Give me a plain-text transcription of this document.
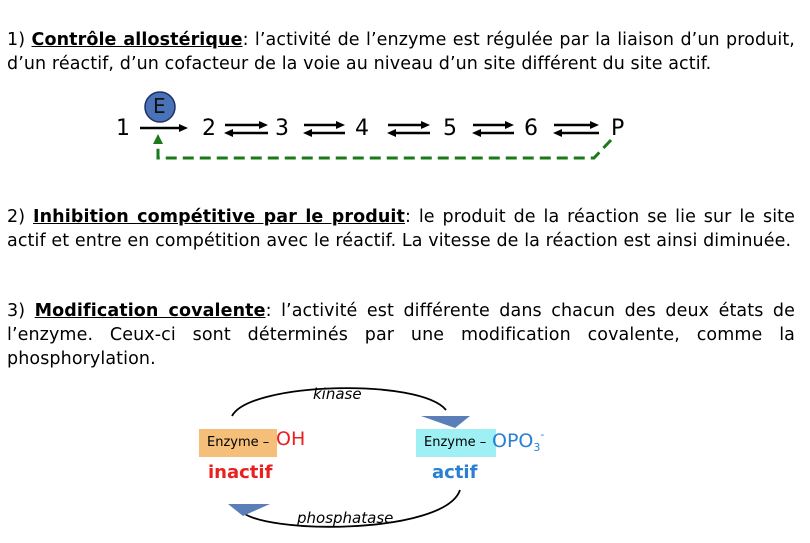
1) Contrôle allostérique: l’activité de l’enzyme est régulée par la liaison d’un produit, d’un réactif, d’un cofacteur de la voie au niveau d’un site différent du site actif.
E
1	2	3	4	5	6	P
2) Inhibition compétitive par le produit: le produit de la réaction se lie sur le site actif et entre en compétition avec le réactif. La vitesse de la réaction est ainsi diminuée.
3) Modification covalente: l’activité est différente dans chacun des deux états de l’enzyme. Ceux-ci sont déterminés par une modification covalente, comme la phosphorylation.
kinase
phosphatase
Enzyme – OH
inactif
Enzyme – $OPO_3^-$
actif
